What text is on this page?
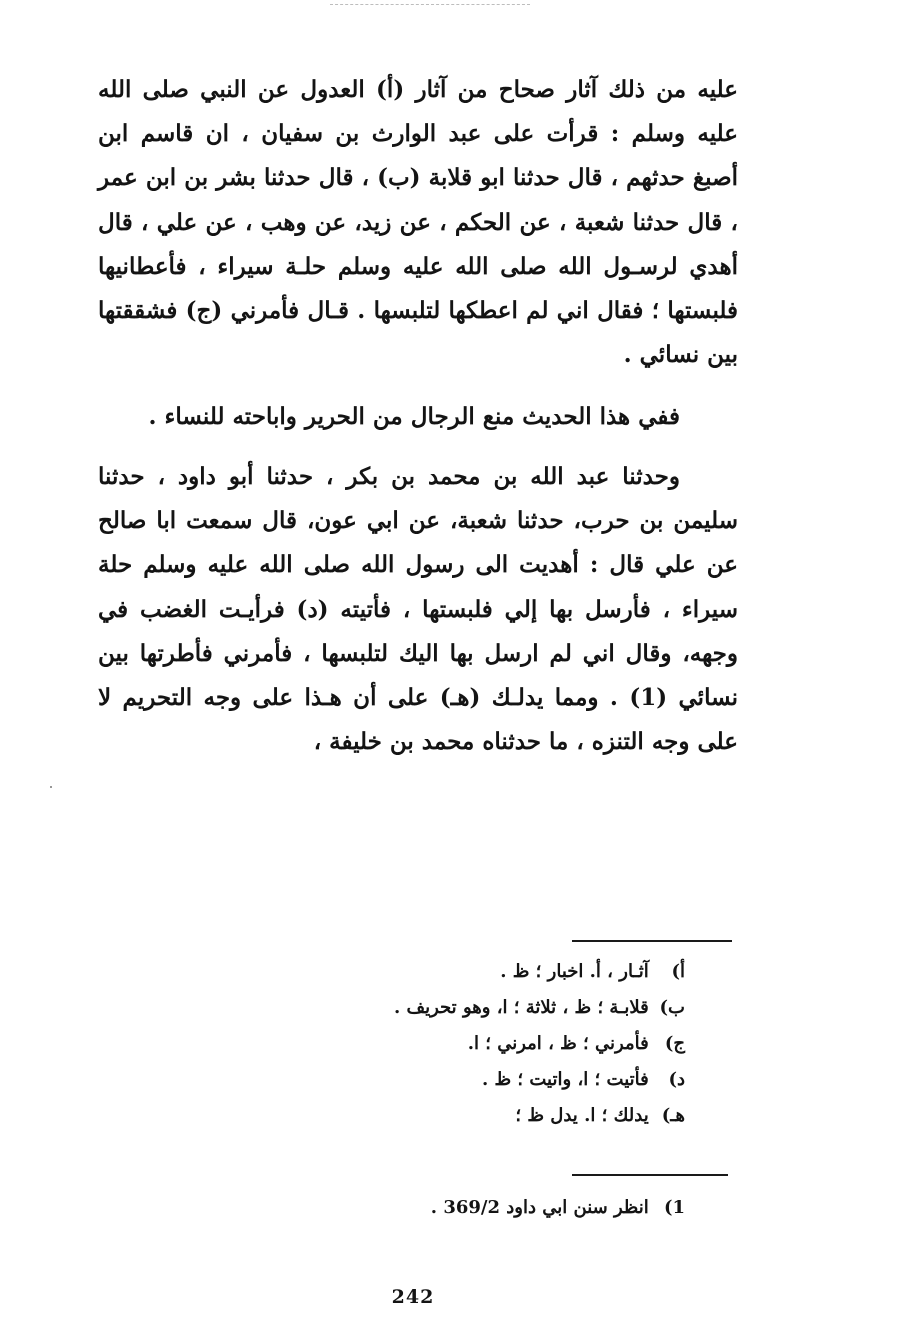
عليه من ذلك آثار صحاح من آثار (أ) العدول عن النبي صلى الله عليه وسلم : قرأت على عبد الوارث بن سفيان ، ان قاسم ابن أصبغ حدثهم ، قال حدثنا ابو قلابة (ب) ، قال حدثنا بشر بن ابن عمر ، قال حدثنا شعبة ، عن الحكم ، عن زيد، عن وهب ، عن علي ، قال أهدي لرسـول الله صلى الله عليه وسلم حلـة سيراء ، فأعطانيها فلبستها ؛ فقال اني لم اعطكها لتلبسها . قـال فأمرني (ج) فشققتها بين نسائي .

ففي هذا الحديث منع الرجال من الحرير واباحته للنساء .

وحدثنا عبد الله بن محمد بن بكر ، حدثنا أبو داود ، حدثنا سليمن بن حرب، حدثنا شعبة، عن ابي عون، قال سمعت ابا صالح عن علي قال : أهديت الى رسول الله صلى الله عليه وسلم حلة سيراء ، فأرسل بها إلي فلبستها ، فأتيته (د) فرأيـت الغضب في وجهه، وقال اني لم ارسل بها اليك لتلبسها ، فأمرني فأطرتها بين نسائي (1) . ومما يدلـك (هـ) على أن هـذا على وجه التحريم لا على وجه التنزه ، ما حدثناه محمد بن خليفة ،

أ) آثـار ، أ. اخبار ؛ ظ .
ب) قلابـة ؛ ظ ، ثلاثة ؛ ا، وهو تحريف .
ج) فأمرني ؛ ظ ، امرني ؛ ا.
د) فأتيت ؛ ا، واتيت ؛ ظ .
هـ) يدلك ؛ ا. يدل ظ ؛
1) انظر سنن ابي داود 369/2 .
242
